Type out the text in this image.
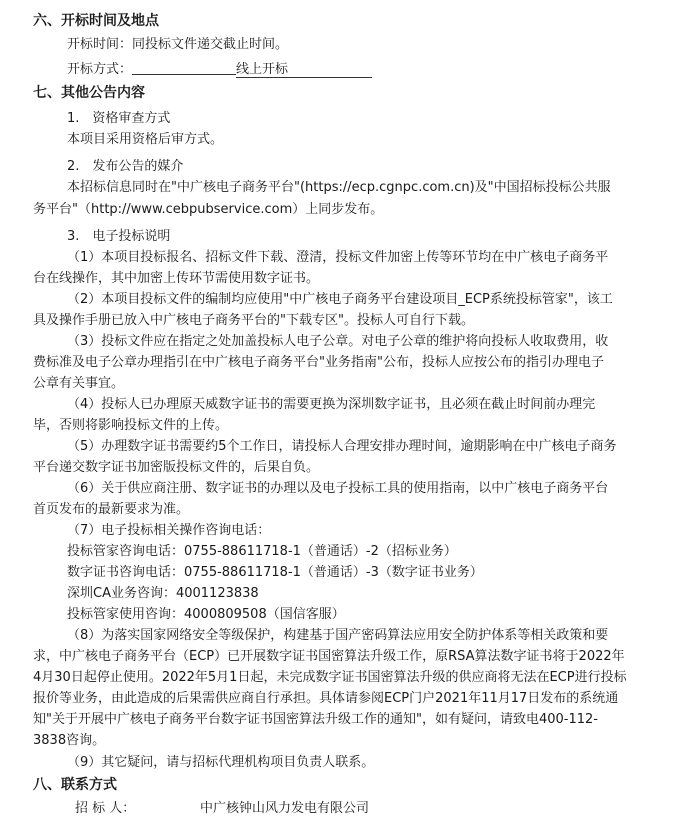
六、开标时间及地点
开标时间：同投标文件递交截止时间。
开标方式：	线上开标
七、其他公告内容
1.　资格审查方式
本项目采用资格后审方式。
2.　发布公告的媒介
本招标信息同时在"中广核电子商务平台"(https://ecp.cgnpc.com.cn)及"中国招标投标公共服
务平台"（http://www.cebpubservice.com）上同步发布。
3.　电子投标说明
（1）本项目投标报名、招标文件下载、澄清，投标文件加密上传等环节均在中广核电子商务平
台在线操作，其中加密上传环节需使用数字证书。
（2）本项目投标文件的编制均应使用"中广核电子商务平台建设项目_ECP系统投标管家"，该工
具及操作手册已放入中广核电子商务平台的"下载专区"。投标人可自行下载。
（3）投标文件应在指定之处加盖投标人电子公章。对电子公章的维护将向投标人收取费用，收
费标准及电子公章办理指引在中广核电子商务平台"业务指南"公布，投标人应按公布的指引办理电子
公章有关事宜。
（4）投标人已办理原天威数字证书的需要更换为深圳数字证书，且必须在截止时间前办理完
毕，否则将影响投标文件的上传。
（5）办理数字证书需要约5个工作日，请投标人合理安排办理时间，逾期影响在中广核电子商务
平台递交数字证书加密版投标文件的，后果自负。
（6）关于供应商注册、数字证书的办理以及电子投标工具的使用指南，以中广核电子商务平台
首页发布的最新要求为准。
（7）电子投标相关操作咨询电话：
投标管家咨询电话：0755-88611718-1（普通话）-2（招标业务）
数字证书咨询电话：0755-88611718-1（普通话）-3（数字证书业务）
深圳CA业务咨询：4001123838
投标管家使用咨询：4000809508（国信客服）
（8）为落实国家网络安全等级保护，构建基于国产密码算法应用安全防护体系等相关政策和要
求，中广核电子商务平台（ECP）已开展数字证书国密算法升级工作，原RSA算法数字证书将于2022年
4月30日起停止使用。2022年5月1日起，未完成数字证书国密算法升级的供应商将无法在ECP进行投标
报价等业务，由此造成的后果需供应商自行承担。具体请参阅ECP门户2021年11月17日发布的系统通
知"关于开展中广核电子商务平台数字证书国密算法升级工作的通知"，如有疑问，请致电400-112-
3838咨询。
（9）其它疑问，请与招标代理机构项目负责人联系。
八、联系方式
招 标 人：	中广核钟山风力发电有限公司
